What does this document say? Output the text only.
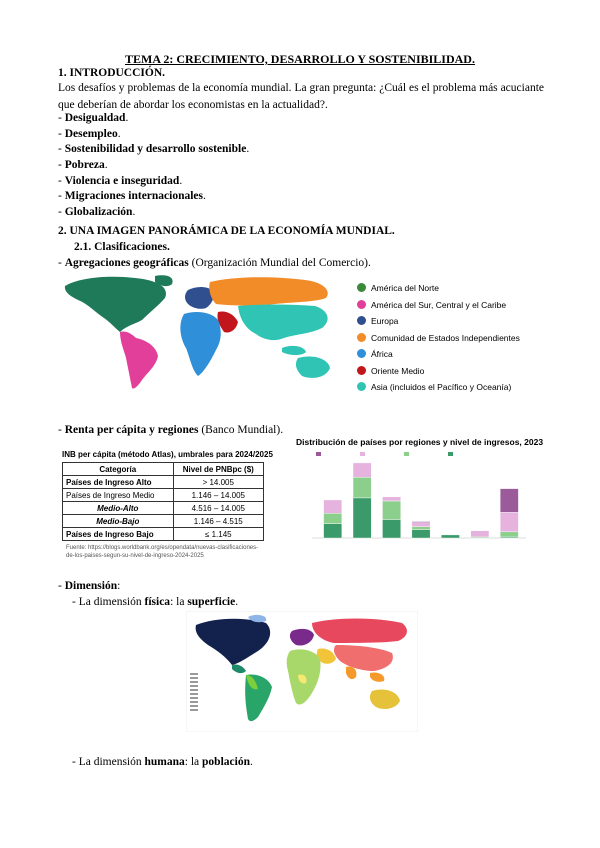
TEMA 2: CRECIMIENTO, DESARROLLO Y SOSTENIBILIDAD.
1. INTRODUCCIÓN.
Los desafíos y problemas de la economía mundial. La gran pregunta: ¿Cuál es el problema más acuciante que deberían de abordar los economistas en la actualidad?.
- Desigualdad.
- Desempleo.
- Sostenibilidad y desarrollo sostenible.
- Pobreza.
- Violencia e inseguridad.
- Migraciones internacionales.
- Globalización.
2. UNA IMAGEN PANORÁMICA DE LA ECONOMÍA MUNDIAL.
2.1. Clasificaciones.
- Agregaciones geográficas (Organización Mundial del Comercio).
América del Norte
América del Sur, Central y el Caribe
Europa
Comunidad de Estados Independientes
África
Oriente Medio
Asia (incluidos el Pacífico y Oceanía)
- Renta per cápita y regiones (Banco Mundial).
INB per cápita (método Atlas), umbrales para 2024/2025
Categoría	Nivel de PNBpc ($)
Países de Ingreso Alto	> 14.005
Países de Ingreso Medio	1.146 – 14.005
Medio-Alto	4.516 – 14.005
Medio-Bajo	1.146 – 4.515
Países de Ingreso Bajo	≤ 1.145
Fuente: https://blogs.worldbank.org/es/opendata/nuevas-clasificaciones-de-los-paises-segun-su-nivel-de-ingreso-2024-2025
Distribución de países por regiones y nivel de ingresos, 2023
- Dimensión:
- La dimensión física: la superficie.
- La dimensión humana: la población.
